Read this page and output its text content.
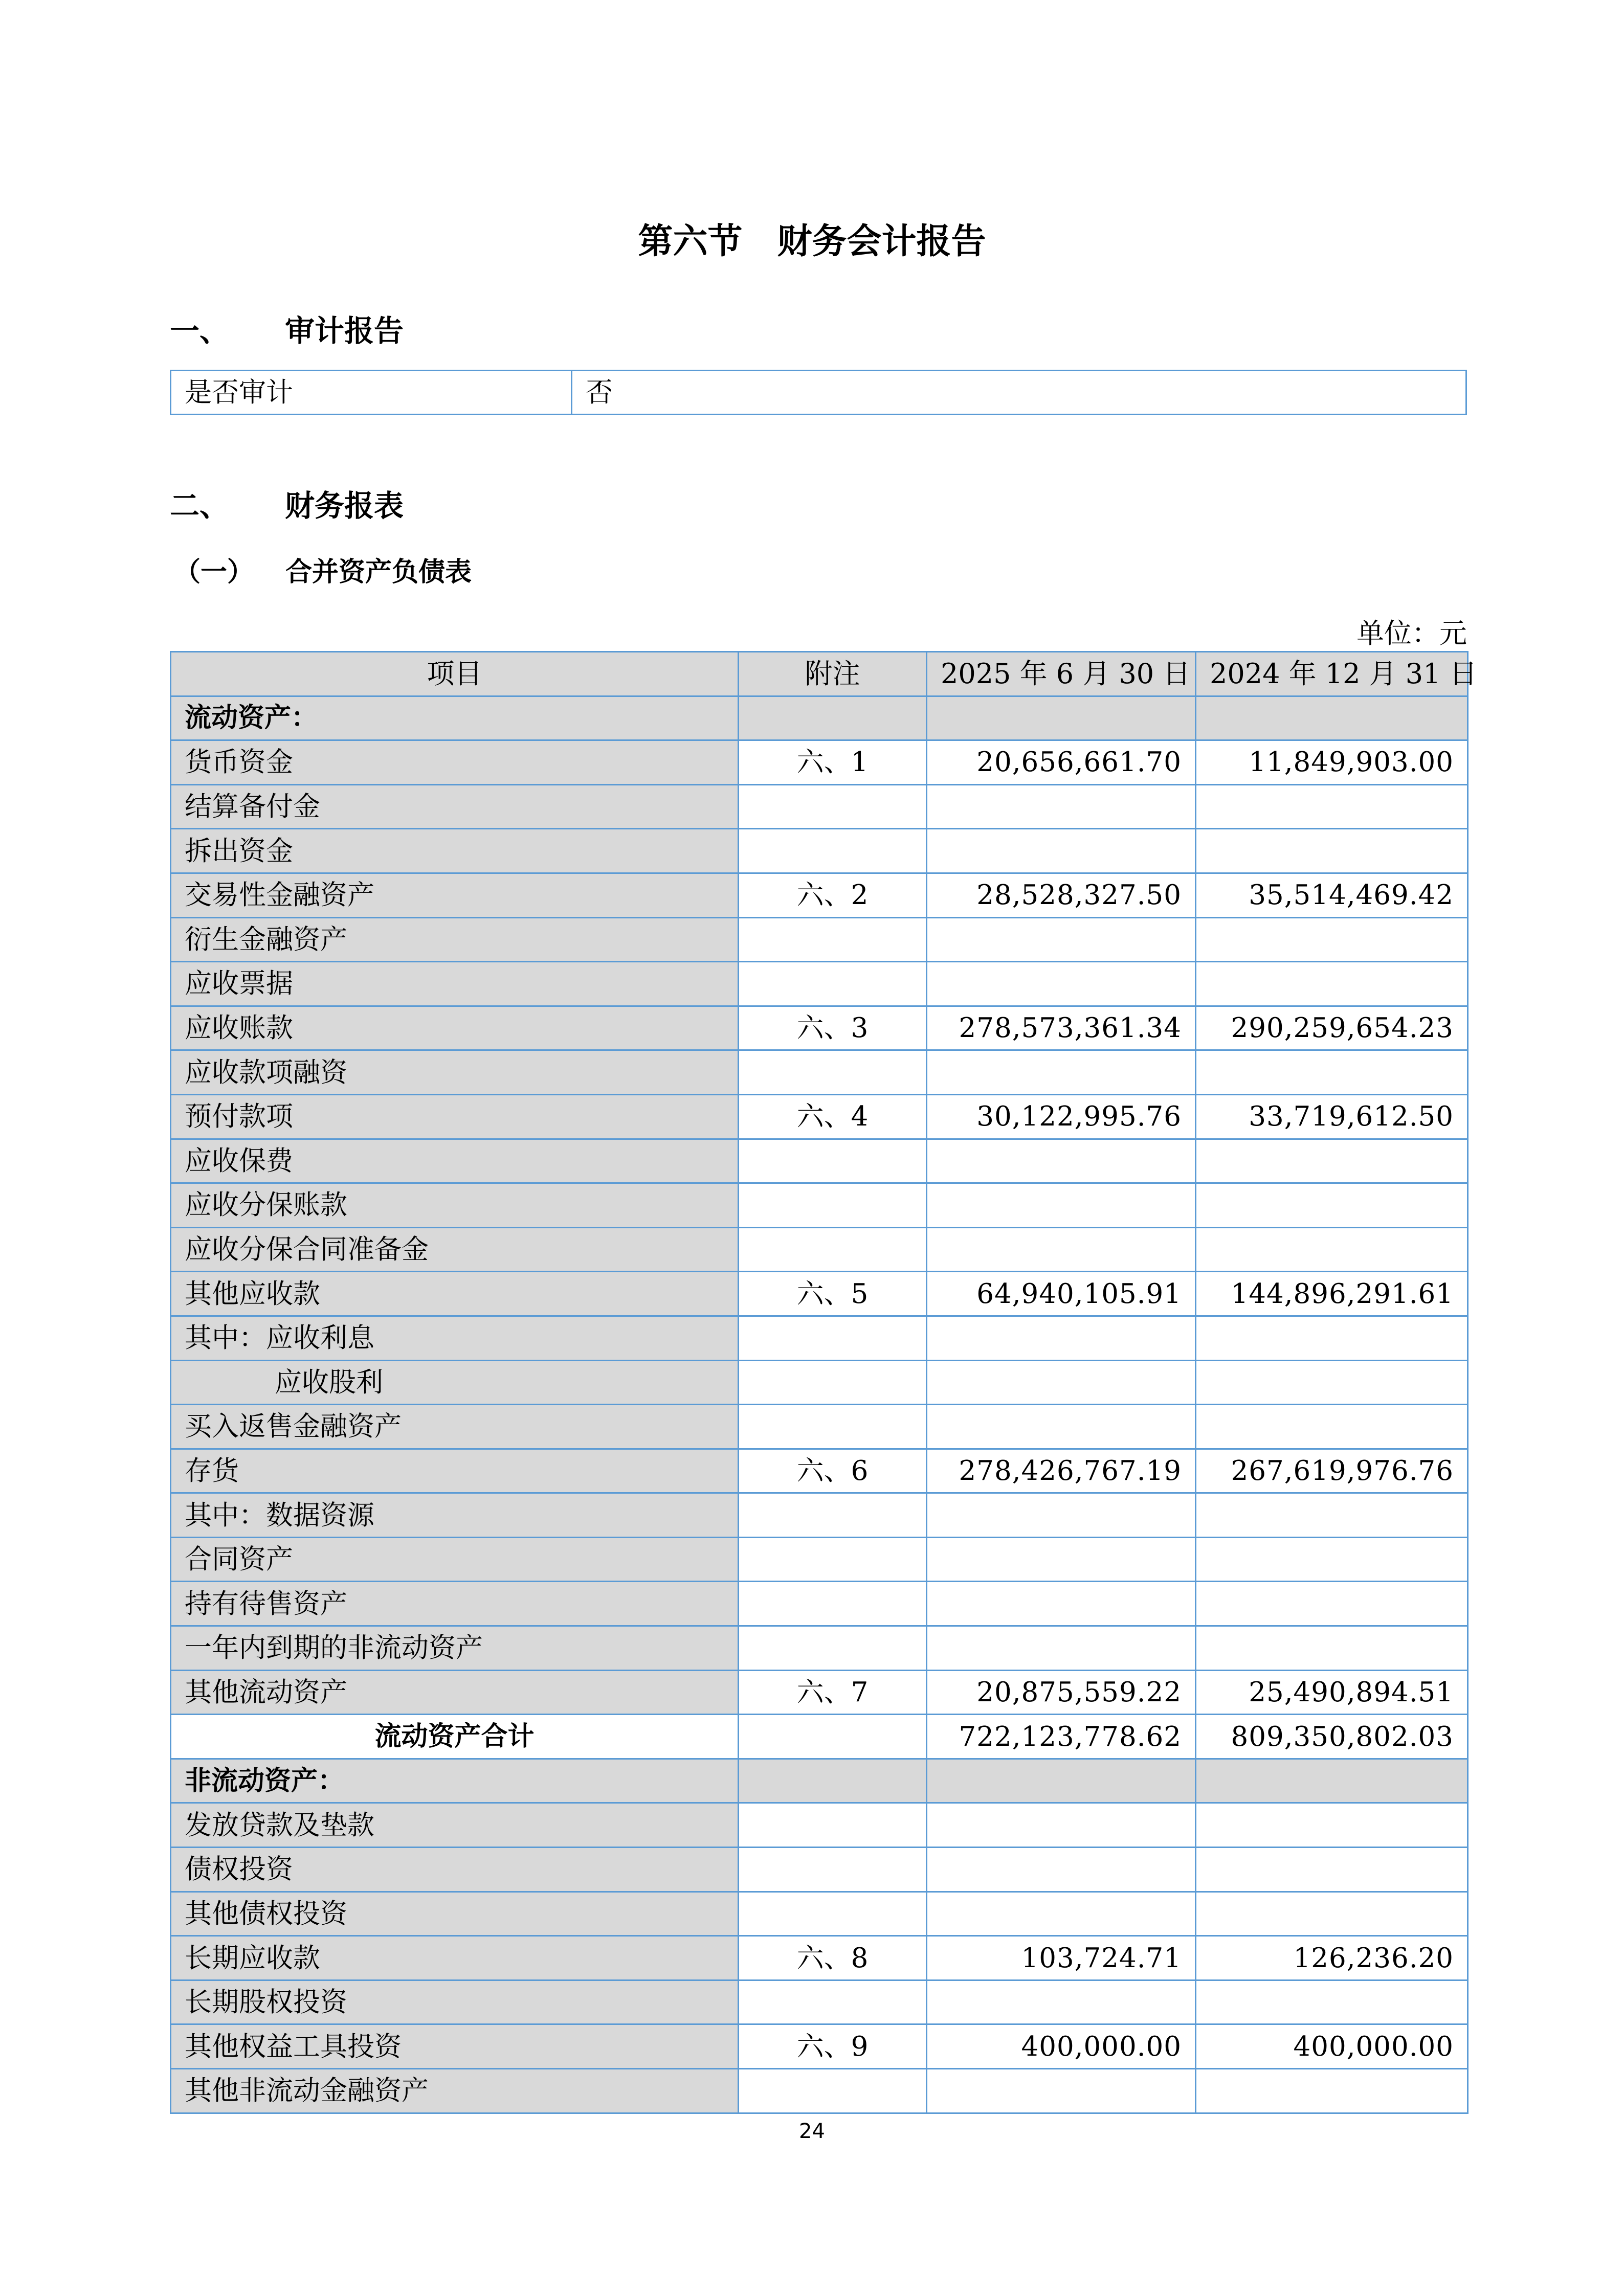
第六节　财务会计报告
一、 审计报告
是否审计	否
二、 财务报表
（一） 合并资产负债表
单位：元
项目	附注	2025 年 6 月 30 日	2024 年 12 月 31 日
流动资产：			
货币资金	六、1	20,656,661.70	11,849,903.00
结算备付金			
拆出资金			
交易性金融资产	六、2	28,528,327.50	35,514,469.42
衍生金融资产			
应收票据			
应收账款	六、3	278,573,361.34	290,259,654.23
应收款项融资			
预付款项	六、4	30,122,995.76	33,719,612.50
应收保费			
应收分保账款			
应收分保合同准备金			
其他应收款	六、5	64,940,105.91	144,896,291.61
其中：应收利息			
应收股利			
买入返售金融资产			
存货	六、6	278,426,767.19	267,619,976.76
其中：数据资源			
合同资产			
持有待售资产			
一年内到期的非流动资产			
其他流动资产	六、7	20,875,559.22	25,490,894.51
流动资产合计		722,123,778.62	809,350,802.03
非流动资产：			
发放贷款及垫款			
债权投资			
其他债权投资			
长期应收款	六、8	103,724.71	126,236.20
长期股权投资			
其他权益工具投资	六、9	400,000.00	400,000.00
其他非流动金融资产			
24
